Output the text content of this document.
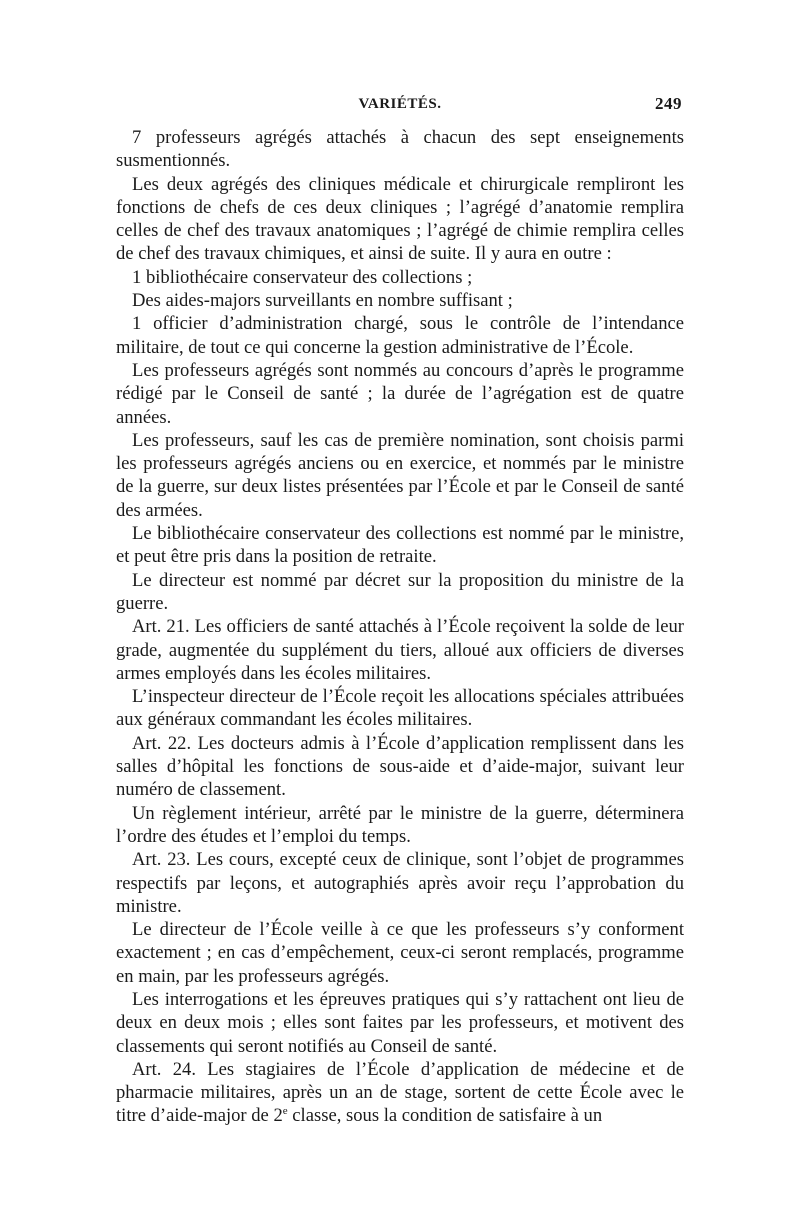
VARIÉTÉS.	249

7 professeurs agrégés attachés à chacun des sept enseignements susmentionnés.

Les deux agrégés des cliniques médicale et chirurgicale rempliront les fonctions de chefs de ces deux cliniques ; l’agrégé d’anatomie remplira celles de chef des travaux anatomiques ; l’agrégé de chimie remplira celles de chef des travaux chimiques, et ainsi de suite. Il y aura en outre :

1 bibliothécaire conservateur des collections ;

Des aides-majors surveillants en nombre suffisant ;

1 officier d’administration chargé, sous le contrôle de l’intendance militaire, de tout ce qui concerne la gestion administrative de l’École.

Les professeurs agrégés sont nommés au concours d’après le programme rédigé par le Conseil de santé ; la durée de l’agrégation est de quatre années.

Les professeurs, sauf les cas de première nomination, sont choisis parmi les professeurs agrégés anciens ou en exercice, et nommés par le ministre de la guerre, sur deux listes présentées par l’École et par le Conseil de santé des armées.

Le bibliothécaire conservateur des collections est nommé par le ministre, et peut être pris dans la position de retraite.

Le directeur est nommé par décret sur la proposition du ministre de la guerre.

Art. 21. Les officiers de santé attachés à l’École reçoivent la solde de leur grade, augmentée du supplément du tiers, alloué aux officiers de diverses armes employés dans les écoles militaires.

L’inspecteur directeur de l’École reçoit les allocations spéciales attribuées aux généraux commandant les écoles militaires.

Art. 22. Les docteurs admis à l’École d’application remplissent dans les salles d’hôpital les fonctions de sous-aide et d’aide-major, suivant leur numéro de classement.

Un règlement intérieur, arrêté par le ministre de la guerre, déterminera l’ordre des études et l’emploi du temps.

Art. 23. Les cours, excepté ceux de clinique, sont l’objet de programmes respectifs par leçons, et autographiés après avoir reçu l’approbation du ministre.

Le directeur de l’École veille à ce que les professeurs s’y conforment exactement ; en cas d’empêchement, ceux-ci seront remplacés, programme en main, par les professeurs agrégés.

Les interrogations et les épreuves pratiques qui s’y rattachent ont lieu de deux en deux mois ; elles sont faites par les professeurs, et motivent des classements qui seront notifiés au Conseil de santé.

Art. 24. Les stagiaires de l’École d’application de médecine et de pharmacie militaires, après un an de stage, sortent de cette École avec le titre d’aide-major de 2e classe, sous la condition de satisfaire à un
